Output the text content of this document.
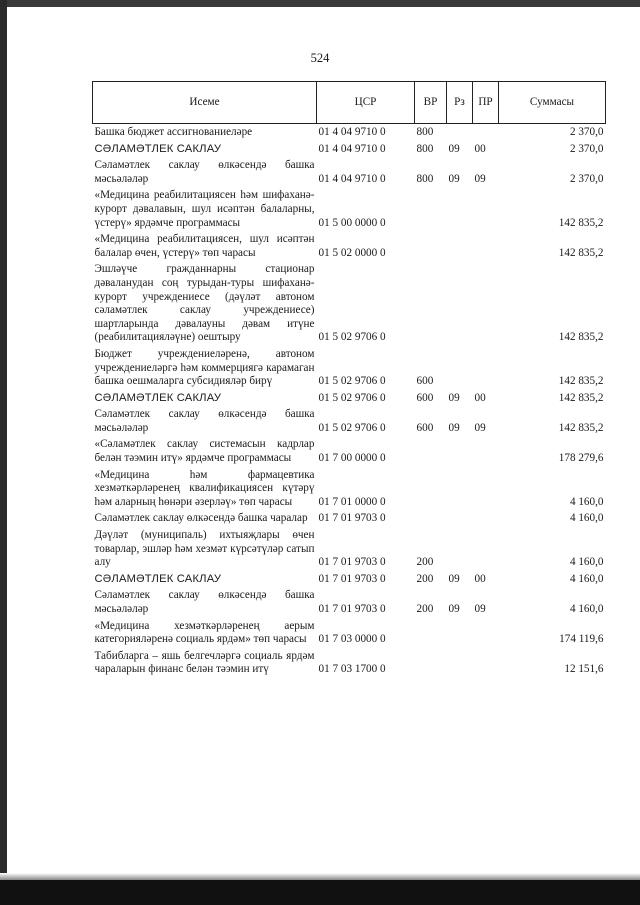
524
Исеме	ЦСР	ВР	Рз	ПР	Суммасы
Башка бюджет ассигнованиеләре	01 4 04 9710 0	800			2 370,0
СӘЛАМӘТЛЕК САКЛАУ	01 4 04 9710 0	800	09	00	2 370,0
Сәламәтлек саклау өлкәсендә башка мәсьәләләр	01 4 04 9710 0	800	09	09	2 370,0
«Медицина реабилитациясен һәм шифаханә-курорт дәвалавын, шул исәптән балаларны, үстерү» ярдәмче программасы	01 5 00 0000 0				142 835,2
«Медицина реабилитациясен, шул исәптән балалар өчен, үстерү» төп чарасы	01 5 02 0000 0				142 835,2
Эшләүче гражданнарны стационар дәваланудан соң турыдан-туры шифаханә-курорт учреждениесе (дәүләт автоном сәламәтлек саклау учреждениесе) шартларында дәвалауны дәвам итүне (реабилитацияләүне) оештыру	01 5 02 9706 0				142 835,2
Бюджет учреждениеләренә, автоном учреждениеләргә һәм коммерциягә карамаган башка оешмаларга субсидияләр бирү	01 5 02 9706 0	600			142 835,2
СӘЛАМӘТЛЕК САКЛАУ	01 5 02 9706 0	600	09	00	142 835,2
Сәламәтлек саклау өлкәсендә башка мәсьәләләр	01 5 02 9706 0	600	09	09	142 835,2
«Сәламәтлек саклау системасын кадрлар белән тәэмин итү» ярдәмче программасы	01 7 00 0000 0				178 279,6
«Медицина һәм фармацевтика хезмәткәрләренең квалификациясен күтәрү һәм аларның һөнәри әзерләү» төп чарасы	01 7 01 0000 0				4 160,0
Сәламәтлек саклау өлкәсендә башка чаралар	01 7 01 9703 0				4 160,0
Дәүләт (муниципаль) ихтыяҗлары өчен товарлар, эшләр һәм хезмәт күрсәтүләр сатып алу	01 7 01 9703 0	200			4 160,0
СӘЛАМӘТЛЕК САКЛАУ	01 7 01 9703 0	200	09	00	4 160,0
Сәламәтлек саклау өлкәсендә башка мәсьәләләр	01 7 01 9703 0	200	09	09	4 160,0
«Медицина хезмәткәрләренең аерым категорияләренә социаль ярдәм» төп чарасы	01 7 03 0000 0				174 119,6
Табибларга – яшь белгечләргә социаль ярдәм чараларын финанс белән тәэмин итү	01 7 03 1700 0				12 151,6
